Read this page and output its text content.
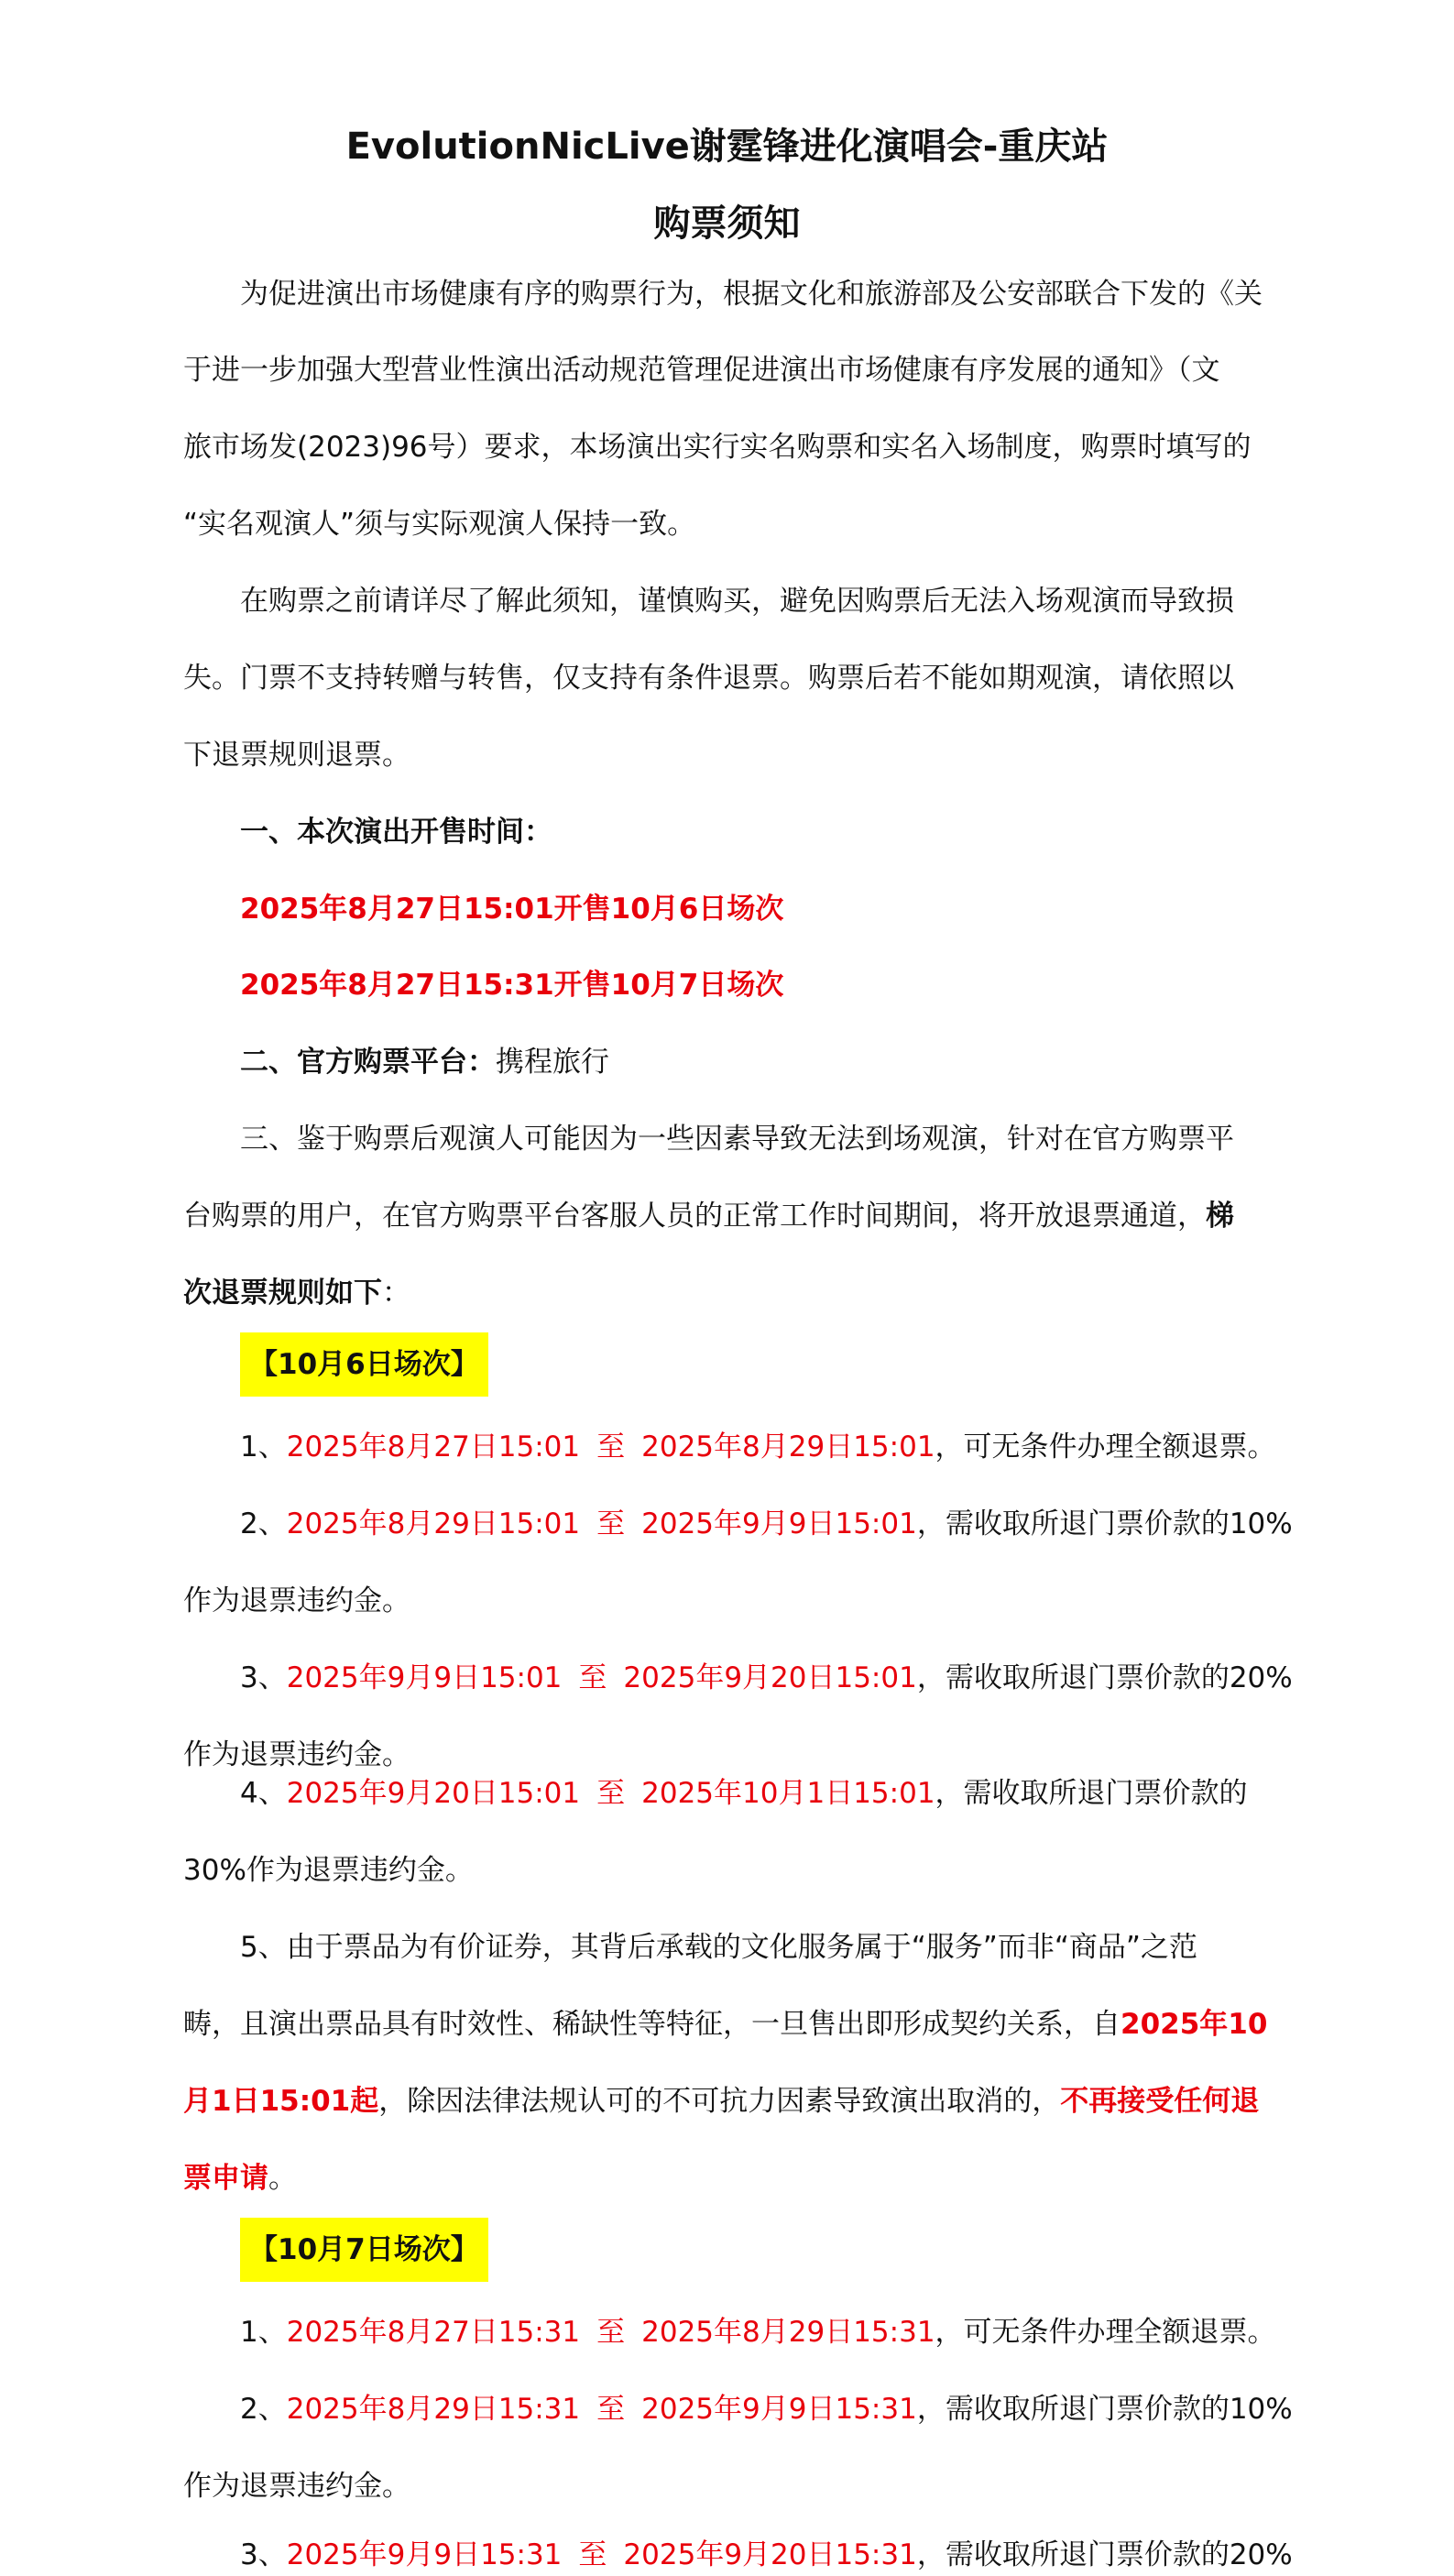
EvolutionNicLive谢霆锋进化演唱会-重庆站
购票须知
为促进演出市场健康有序的购票行为，根据文化和旅游部及公安部联合下发的《关
于进一步加强大型营业性演出活动规范管理促进演出市场健康有序发展的通知》（文
旅市场发(2023)96号）要求，本场演出实行实名购票和实名入场制度，购票时填写的
“实名观演人”须与实际观演人保持一致。
在购票之前请详尽了解此须知，谨慎购买，避免因购票后无法入场观演而导致损
失。门票不支持转赠与转售，仅支持有条件退票。购票后若不能如期观演，请依照以
下退票规则退票。
一、本次演出开售时间：
2025年8月27日15:01开售10月6日场次
2025年8月27日15:31开售10月7日场次
二、官方购票平台：携程旅行
三、鉴于购票后观演人可能因为一些因素导致无法到场观演，针对在官方购票平
台购票的用户，在官方购票平台客服人员的正常工作时间期间，将开放退票通道，梯
次退票规则如下：
【10月6日场次】
1、2025年8月27日15:01 至 2025年8月29日15:01，可无条件办理全额退票。
2、2025年8月29日15:01 至 2025年9月9日15:01，需收取所退门票价款的10%
作为退票违约金。
3、2025年9月9日15:01 至 2025年9月20日15:01，需收取所退门票价款的20%
作为退票违约金。
4、2025年9月20日15:01 至 2025年10月1日15:01，需收取所退门票价款的
30%作为退票违约金。
5、由于票品为有价证券，其背后承载的文化服务属于“服务”而非“商品”之范
畴，且演出票品具有时效性、稀缺性等特征，一旦售出即形成契约关系，自2025年10
月1日15:01起，除因法律法规认可的不可抗力因素导致演出取消的，不再接受任何退
票申请。
【10月7日场次】
1、2025年8月27日15:31 至 2025年8月29日15:31，可无条件办理全额退票。
2、2025年8月29日15:31 至 2025年9月9日15:31，需收取所退门票价款的10%
作为退票违约金。
3、2025年9月9日15:31 至 2025年9月20日15:31，需收取所退门票价款的20%
